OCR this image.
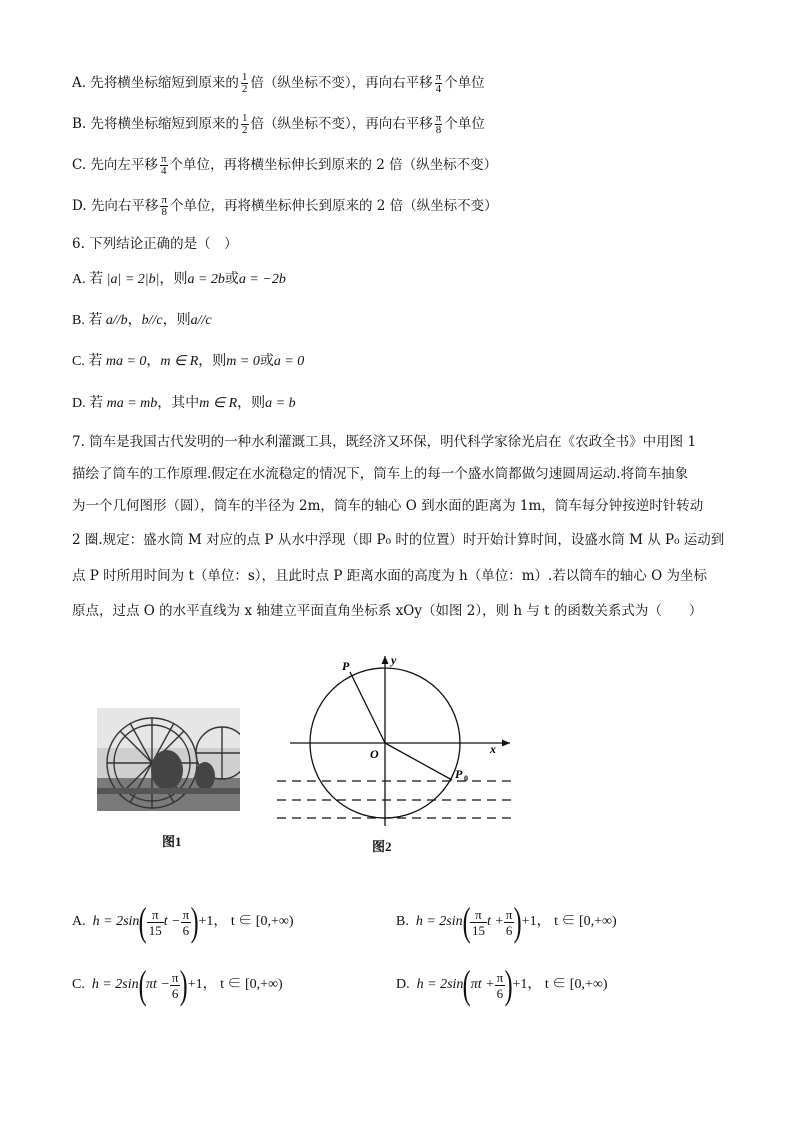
A. 先将横坐标缩短到原来的 $\frac{1}{2}$ 倍（纵坐标不变），再向右平移 $\frac{\pi}{4}$ 个单位
B. 先将横坐标缩短到原来的 $\frac{1}{2}$ 倍（纵坐标不变），再向右平移 $\frac{\pi}{8}$ 个单位
C. 先向左平移 $\frac{\pi}{4}$ 个单位，再将横坐标伸长到原来的 2 倍（纵坐标不变）
D. 先向右平移 $\frac{\pi}{8}$ 个单位，再将横坐标伸长到原来的 2 倍（纵坐标不变）
6. 下列结论正确的是（　）
A. 若 |a| = 2|b|，则a = 2b或a = −2b
B. 若 a//b，b//c，则a//c
C. 若 ma = 0，m ∈ R，则m = 0或a = 0
D. 若 ma = mb，其中m ∈ R，则a = b
7. 筒车是我国古代发明的一种水利灌溉工具，既经济又环保，明代科学家徐光启在《农政全书》中用图 1
描绘了筒车的工作原理.假定在水流稳定的情况下，筒车上的每一个盛水筒都做匀速圆周运动.将筒车抽象
为一个几何图形（圆），筒车的半径为 2m，筒车的轴心 O 到水面的距离为 1m，筒车每分钟按逆时针转动
2 圈.规定：盛水筒 M 对应的点 P 从水中浮现（即 P₀ 时的位置）时开始计算时间，设盛水筒 M 从 P₀ 运动到
点 P 时所用时间为 t（单位：s），且此时点 P 距离水面的高度为 h（单位：m）.若以筒车的轴心 O 为坐标
原点，过点 O 的水平直线为 x 轴建立平面直角坐标系 xOy（如图 2），则 h 与 t 的函数关系式为（　　）
图1
P	y
O	x
P 0
图2
A. $h = 2\sin( \frac{\pi}{15}$ $t - \frac{\pi}{6} )+1$， t ∈ [0,+∞)	B. $h = 2\sin( \frac{\pi}{15}$ $t + \frac{\pi}{6} )+1$， t ∈ [0,+∞)
C. $h = 2\sin(\pi t - \frac{\pi}{6} )+1$， t ∈ [0,+∞)	D. $h = 2\sin(\pi t + \frac{\pi}{6} )+1$， t ∈ [0,+∞)
